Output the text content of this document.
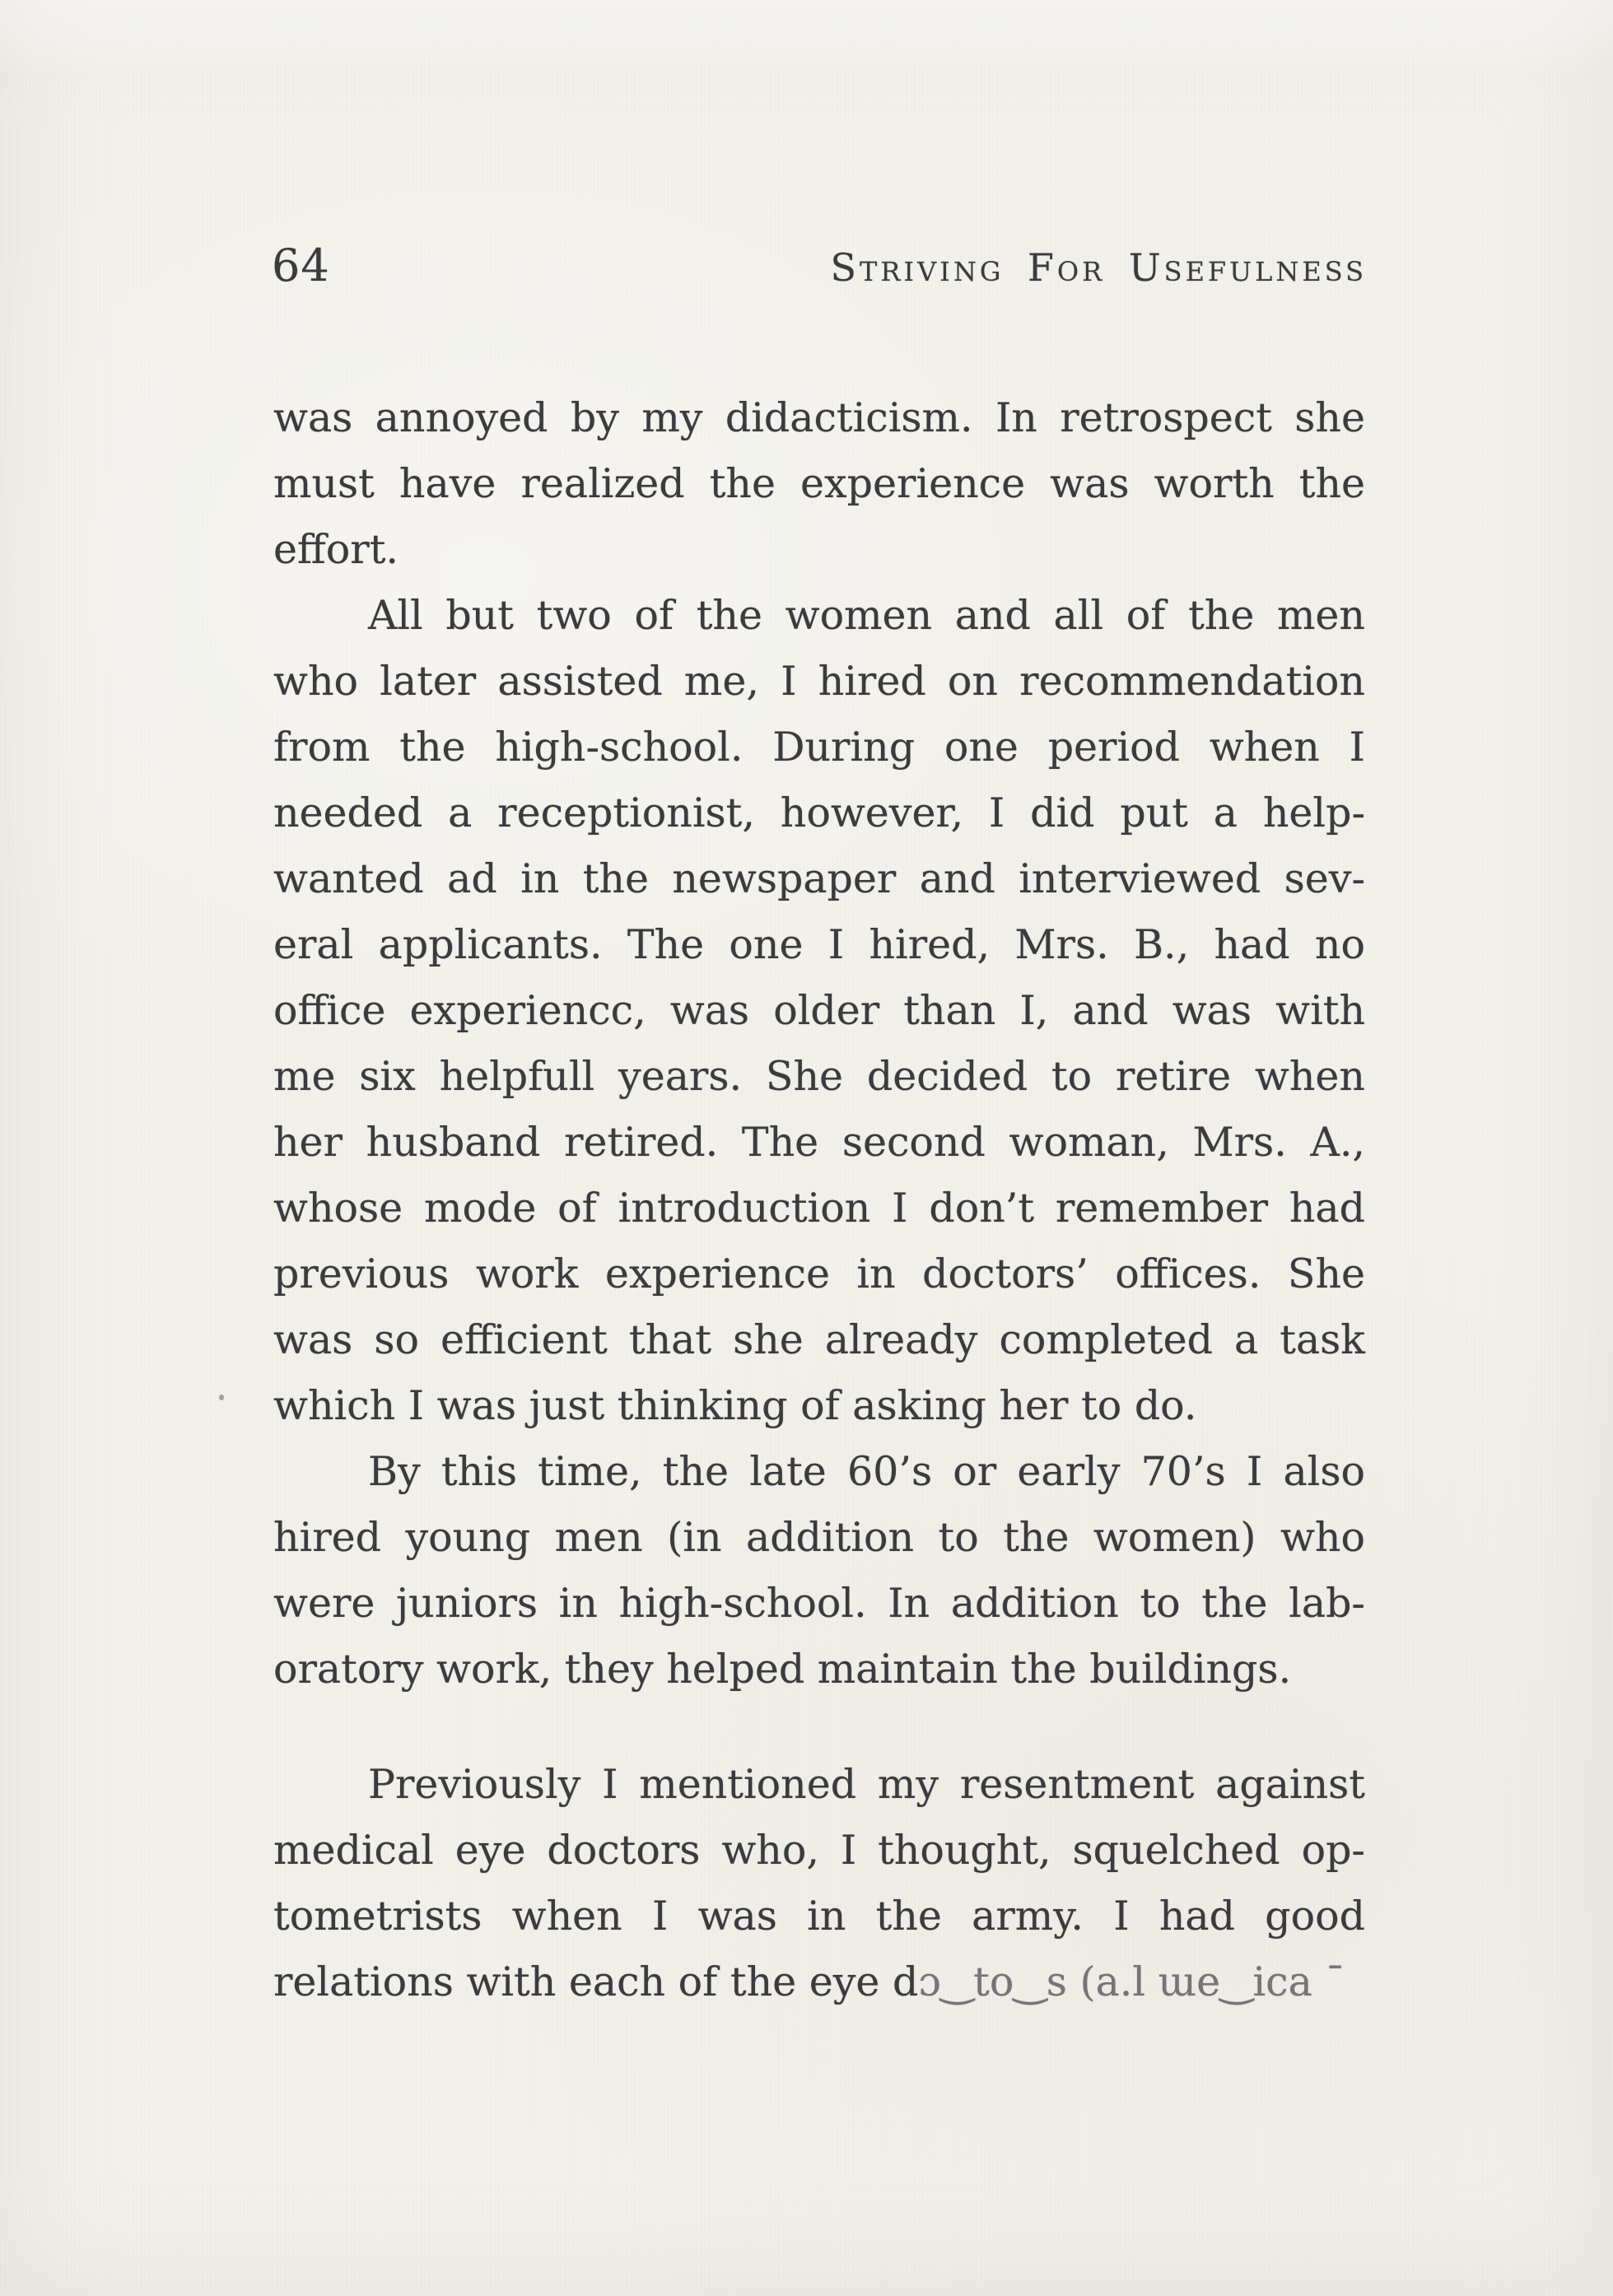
64	Striving For Usefulness
was annoyed by my didacticism. In retrospect she
must have realized the experience was worth the
effort.
All but two of the women and all of the men
who later assisted me, I hired on recommendation
from the high-school. During one period when I
needed a receptionist, however, I did put a help-
wanted ad in the newspaper and interviewed sev-
eral applicants. The one I hired, Mrs. B., had no
office experiencc, was older than I, and was with
me six helpfull years. She decided to retire when
her husband retired. The second woman, Mrs. A.,
whose mode of introduction I don’t remember had
previous work experience in doctors’ offices. She
was so efficient that she already completed a task
which I was just thinking of asking her to do.
By this time, the late 60’s or early 70’s I also
hired young men (in addition to the women) who
were juniors in high-school. In addition to the lab-
oratory work, they helped maintain the buildings.
Previously I mentioned my resentment against
medical eye doctors who, I thought, squelched op-
tometrists when I was in the army. I had good
relations with each of the eye dɔ‿to‿s (a.l ɯe‿ica ˉ
